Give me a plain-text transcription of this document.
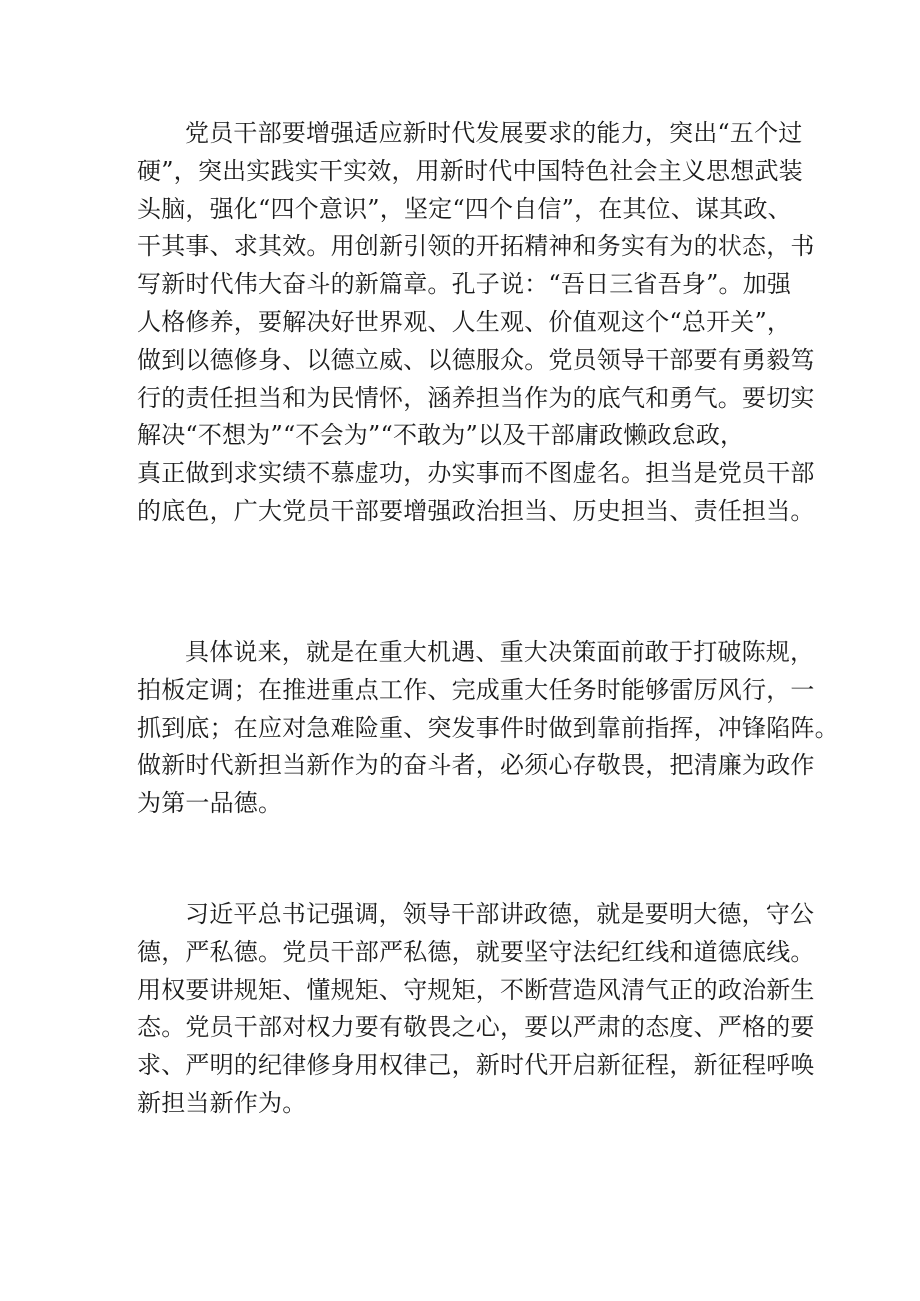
党员干部要增强适应新时代发展要求的能力，突出“五个过
硬”，突出实践实干实效，用新时代中国特色社会主义思想武装
头脑，强化“四个意识”，坚定“四个自信”，在其位、谋其政、
干其事、求其效。用创新引领的开拓精神和务实有为的状态，书
写新时代伟大奋斗的新篇章。孔子说：“吾日三省吾身”。加强
人格修养，要解决好世界观、人生观、价值观这个“总开关”，
做到以德修身、以德立威、以德服众。党员领导干部要有勇毅笃
行的责任担当和为民情怀，涵养担当作为的底气和勇气。要切实
解决“不想为”“不会为”“不敢为”以及干部庸政懒政怠政，
真正做到求实绩不慕虚功，办实事而不图虚名。担当是党员干部
的底色，广大党员干部要增强政治担当、历史担当、责任担当。
具体说来，就是在重大机遇、重大决策面前敢于打破陈规，
拍板定调；在推进重点工作、完成重大任务时能够雷厉风行，一
抓到底；在应对急难险重、突发事件时做到靠前指挥，冲锋陷阵。
做新时代新担当新作为的奋斗者，必须心存敬畏，把清廉为政作
为第一品德。
习近平总书记强调，领导干部讲政德，就是要明大德，守公
德，严私德。党员干部严私德，就要坚守法纪红线和道德底线。
用权要讲规矩、懂规矩、守规矩，不断营造风清气正的政治新生
态。党员干部对权力要有敬畏之心，要以严肃的态度、严格的要
求、严明的纪律修身用权律己，新时代开启新征程，新征程呼唤
新担当新作为。
